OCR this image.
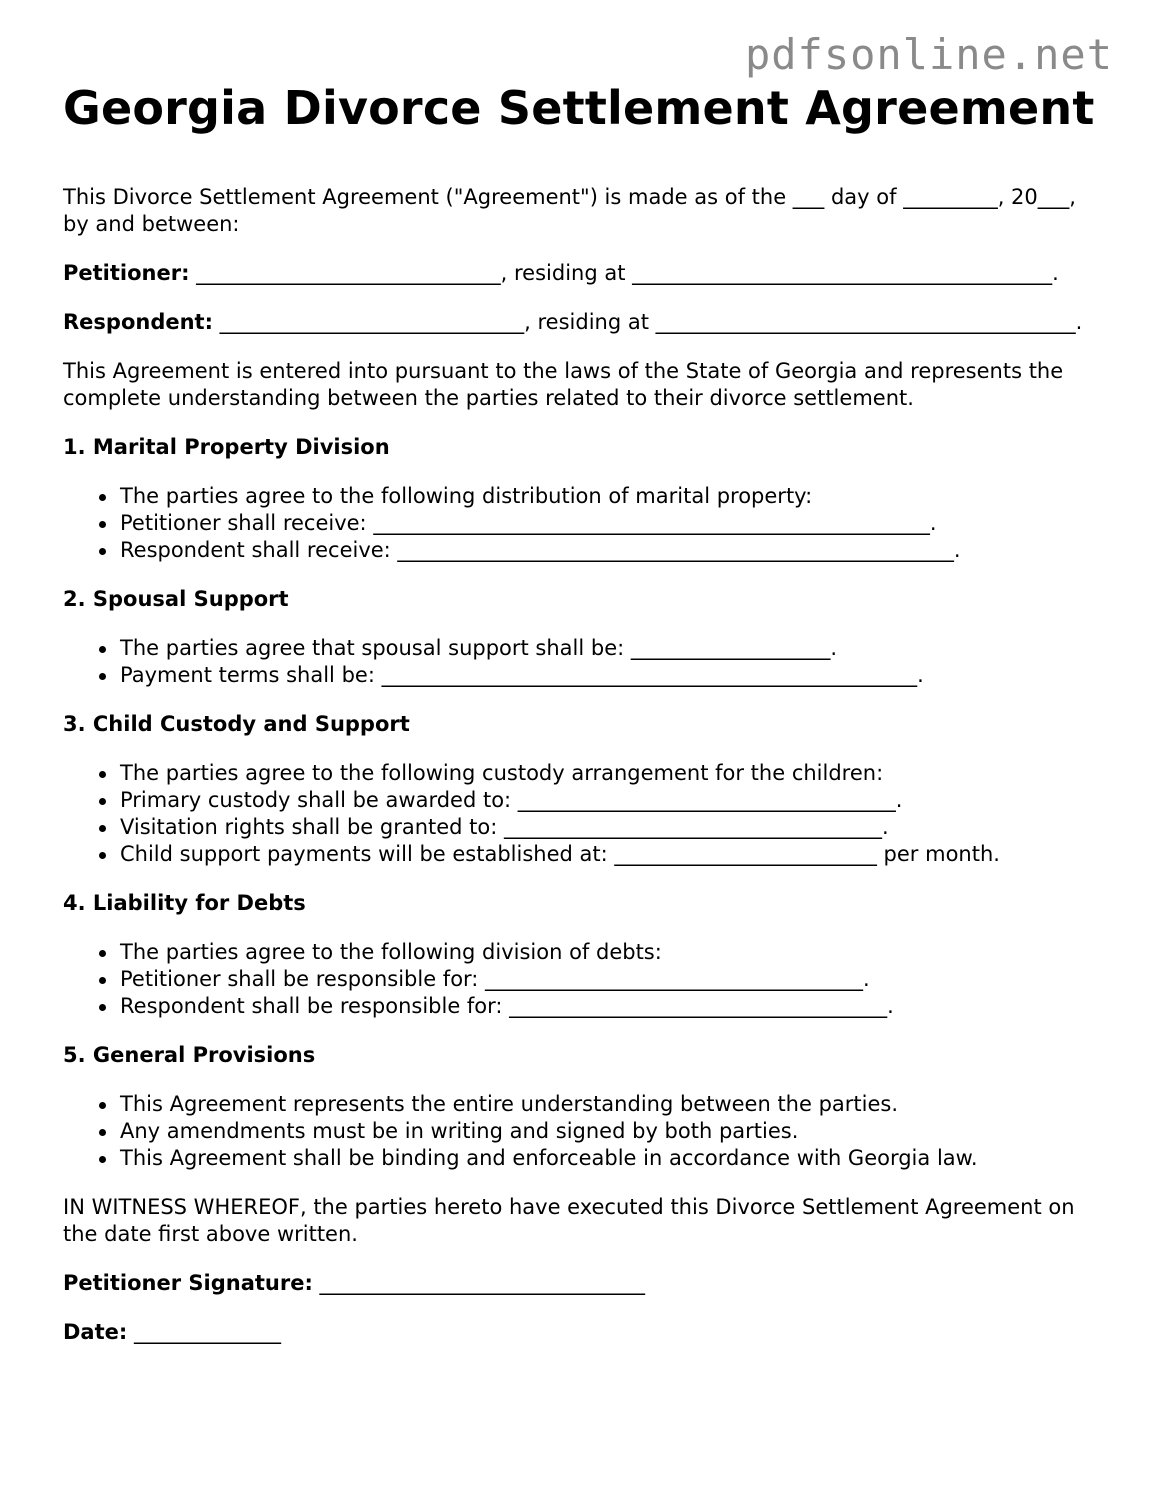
pdfsonline.net
Georgia Divorce Settlement Agreement

This Divorce Settlement Agreement ("Agreement") is made as of the ___ day of _________, 20___, by and between:

Petitioner: _____________________________, residing at ________________________________________.

Respondent: _____________________________, residing at ________________________________________.

This Agreement is entered into pursuant to the laws of the State of Georgia and represents the complete understanding between the parties related to their divorce settlement.

1. Marital Property Division
The parties agree to the following distribution of marital property:
Petitioner shall receive: _____________________________________________________.
Respondent shall receive: _____________________________________________________.
2. Spousal Support
The parties agree that spousal support shall be: ___________________.
Payment terms shall be: ___________________________________________________.
3. Child Custody and Support
The parties agree to the following custody arrangement for the children:
Primary custody shall be awarded to: ____________________________________.
Visitation rights shall be granted to: ____________________________________.
Child support payments will be established at: _________________________ per month.
4. Liability for Debts
The parties agree to the following division of debts:
Petitioner shall be responsible for: ____________________________________.
Respondent shall be responsible for: ____________________________________.
5. General Provisions
This Agreement represents the entire understanding between the parties.
Any amendments must be in writing and signed by both parties.
This Agreement shall be binding and enforceable in accordance with Georgia law.

IN WITNESS WHEREOF, the parties hereto have executed this Divorce Settlement Agreement on the date first above written.

Petitioner Signature: _______________________________

Date: ______________
